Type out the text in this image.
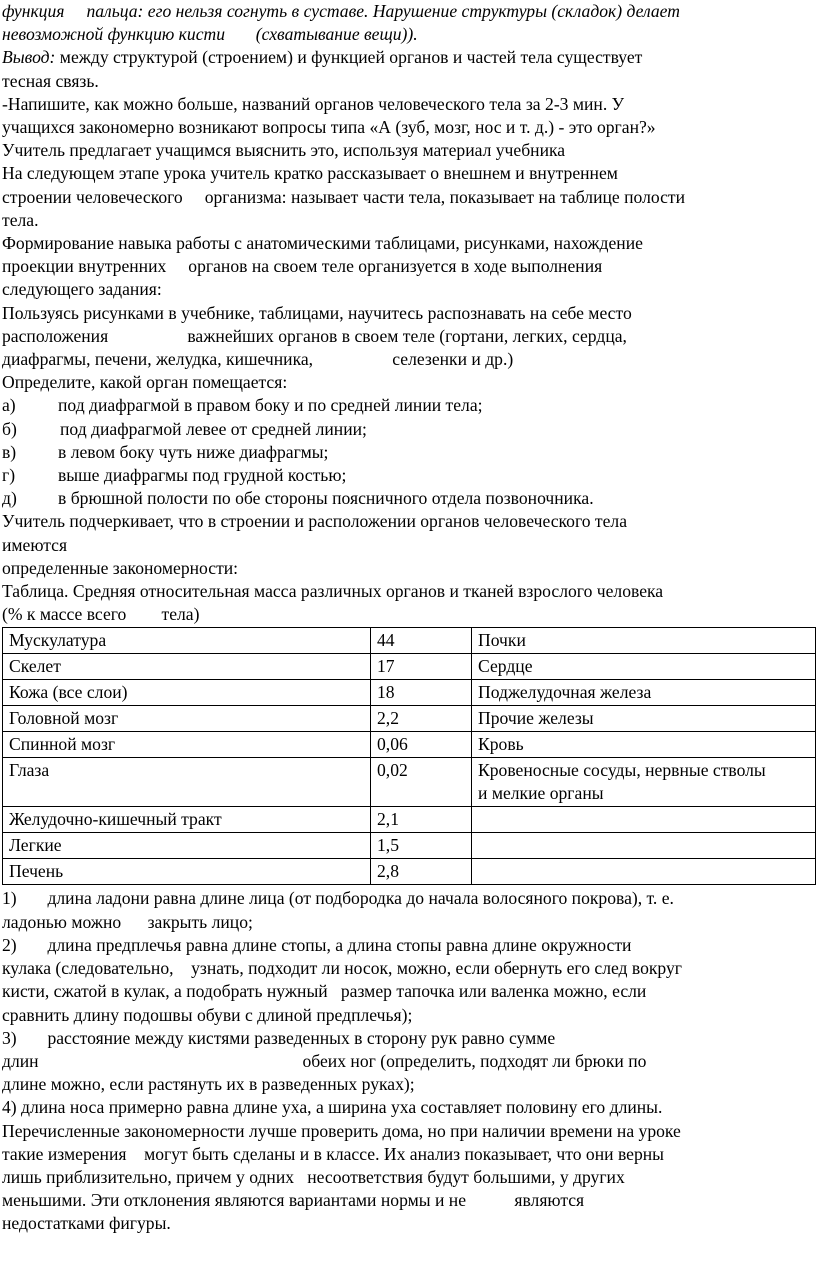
функция     пальца: его нельзя согнуть в суставе. Нарушение структуры (складок) делает
невозможной функцию кисти       (схватывание вещи)).
Вывод: между структурой (строением) и функцией органов и частей тела существует
тесная связь.
-Напишите, как можно больше, названий органов человеческого тела за 2-3 мин. У
учащихся закономерно возникают вопросы типа «А (зуб, мозг, нос и т. д.) - это орган?»
Учитель предлагает учащимся выяснить это, используя материал учебника
На следующем этапе урока учитель кратко рассказывает о внешнем и внутреннем
строении человеческого     организма: называет части тела, показывает на таблице полости
тела.
Формирование навыка работы с анатомическими таблицами, рисунками, нахождение
проекции внутренних     органов на своем теле организуется в ходе выполнения
следующего задания:
Пользуясь рисунками в учебнике, таблицами, научитесь распознавать на себе место
расположения                  важнейших органов в своем теле (гортани, легких, сердца,
диафрагмы, печени, желудка, кишечника,                  селезенки и др.)
Определите, какой орган помещается:
а) под диафрагмой в правом боку и по средней линии тела;
б) под диафрагмой левее от средней линии;
в) в левом боку чуть ниже диафрагмы;
г) выше диафрагмы под грудной костью;
д) в брюшной полости по обе стороны поясничного отдела позвоночника.
Учитель подчеркивает, что в строении и расположении органов человеческого тела
имеются
определенные закономерности:
Таблица. Средняя относительная масса различных органов и тканей взрослого человека
(% к массе всего        тела)
Мускулатура	44	Почки
Скелет	17	Сердце
Кожа (все слои)	18	Поджелудочная железа
Головной мозг	2,2	Прочие железы
Спинной мозг	0,06	Кровь
Глаза	0,02	Кровеносные сосуды, нервные стволы
и мелкие органы
Желудочно-кишечный тракт	2,1	
Легкие	1,5	
Печень	2,8	
1)       длина ладони равна длине лица (от подбородка до начала волосяного покрова), т. е.
ладонью можно      закрыть лицо;
2)       длина предплечья равна длине стопы, а длина стопы равна длине окружности
кулака (следовательно,    узнать, подходит ли носок, можно, если обернуть его след вокруг
кисти, сжатой в кулак, а подобрать нужный   размер тапочка или валенка можно, если
сравнить длину подошвы обуви с длиной предплечья);
3)       расстояние между кистями разведенных в сторону рук равно сумме
длин                                                            обеих ног (определить, подходят ли брюки по
длине можно, если растянуть их в разведенных руках);
4) длина носа примерно равна длине уха, а ширина уха составляет половину его длины.
Перечисленные закономерности лучше проверить дома, но при наличии времени на уроке
такие измерения    могут быть сделаны и в классе. Их анализ показывает, что они верны
лишь приблизительно, причем у одних   несоответствия будут большими, у других
меньшими. Эти отклонения являются вариантами нормы и не           являются
недостатками фигуры.
